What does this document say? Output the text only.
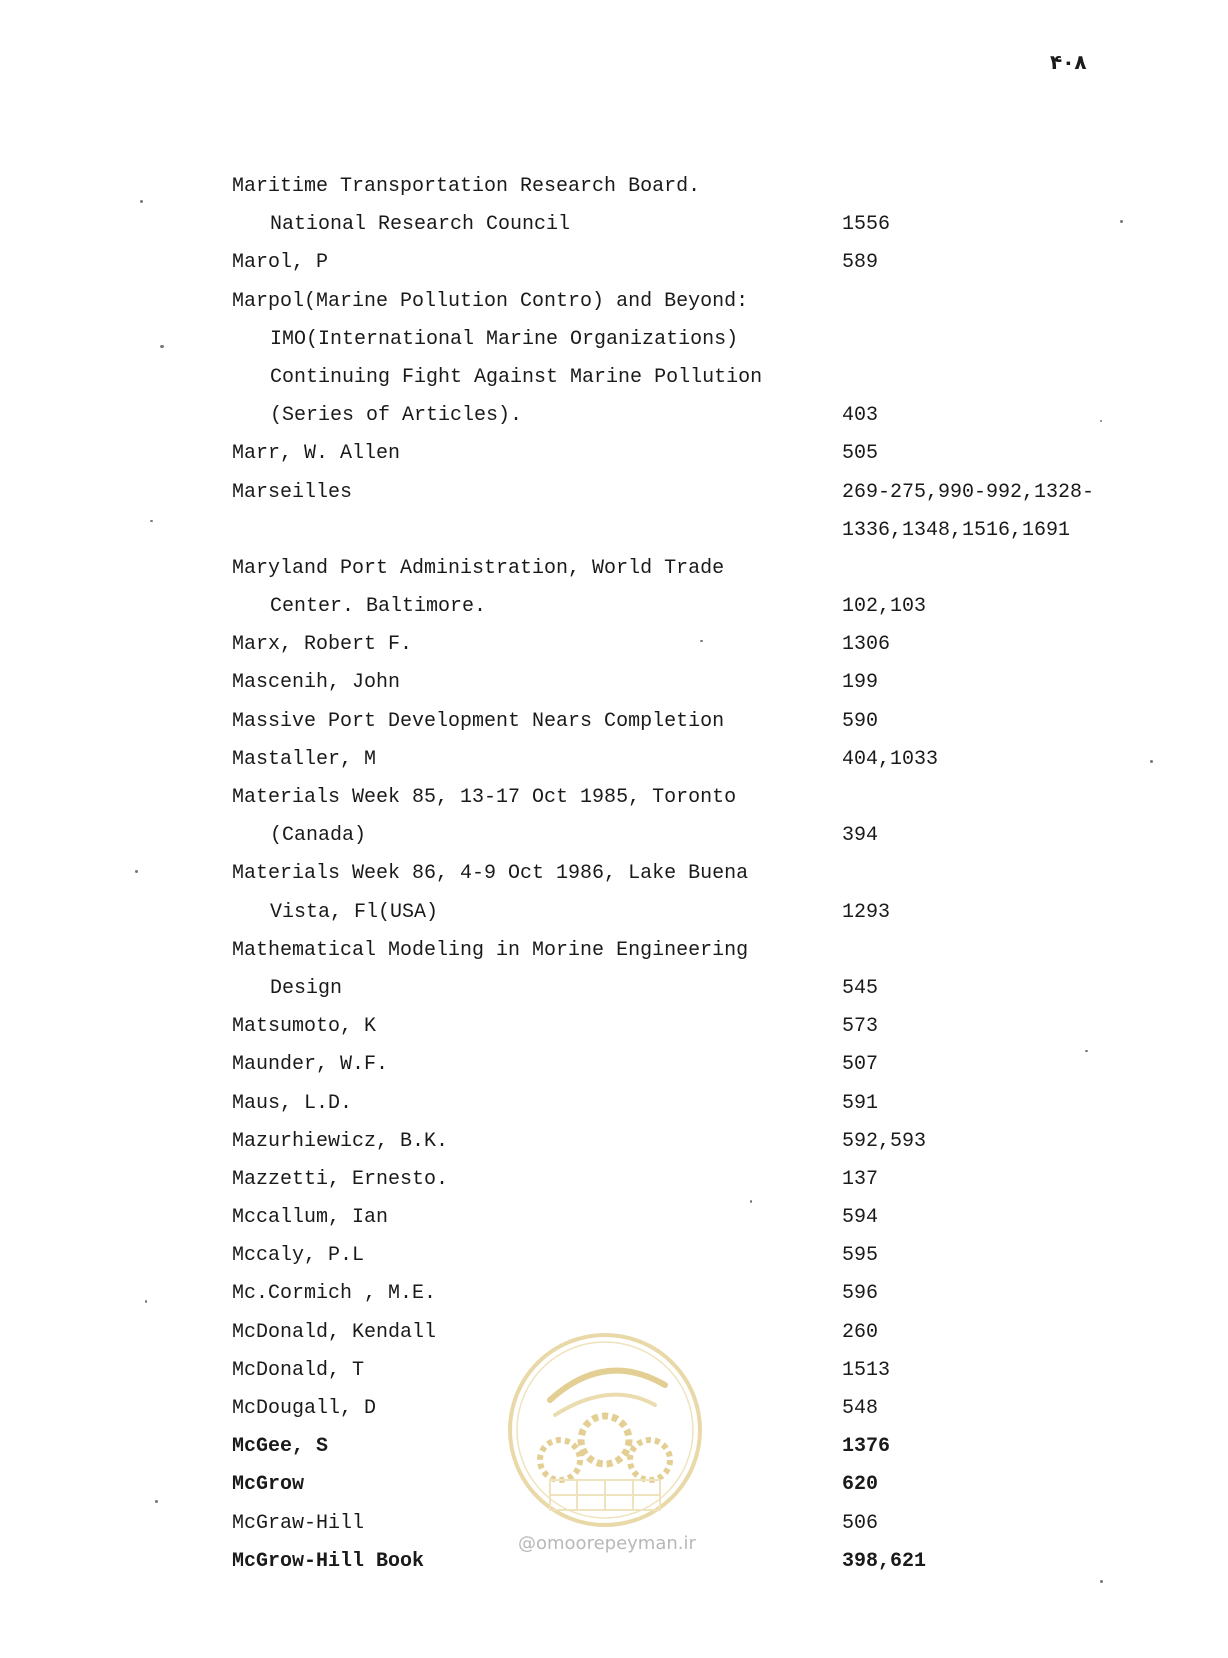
۴۰۸
Maritime Transportation Research Board.
National Research Council	1556
Marol, P	589
Marpol(Marine Pollution Contro) and Beyond:
IMO(International Marine Organizations)
Continuing Fight Against Marine Pollution
(Series of Articles).	403
Marr, W. Allen	505
Marseilles	269-275,990-992,1328-
1336,1348,1516,1691
Maryland Port Administration, World Trade
Center. Baltimore.	102,103
Marx, Robert F.	1306
Mascenih, John	199
Massive Port Development Nears Completion	590
Mastaller, M	404,1033
Materials Week 85, 13-17 Oct 1985, Toronto
(Canada)	394
Materials Week 86, 4-9 Oct 1986, Lake Buena
Vista, Fl(USA)	1293
Mathematical Modeling in Morine Engineering
Design	545
Matsumoto, K	573
Maunder, W.F.	507
Maus, L.D.	591
Mazurhiewicz, B.K.	592,593
Mazzetti, Ernesto.	137
Mccallum, Ian	594
Mccaly, P.L	595
Mc.Cormich , M.E.	596
McDonald, Kendall	260
McDonald, T	1513
McDougall, D	548
McGee, S	1376
McGrow	620
McGraw-Hill	506
McGrow-Hill Book	398,621
@omoorepeyman.ir
